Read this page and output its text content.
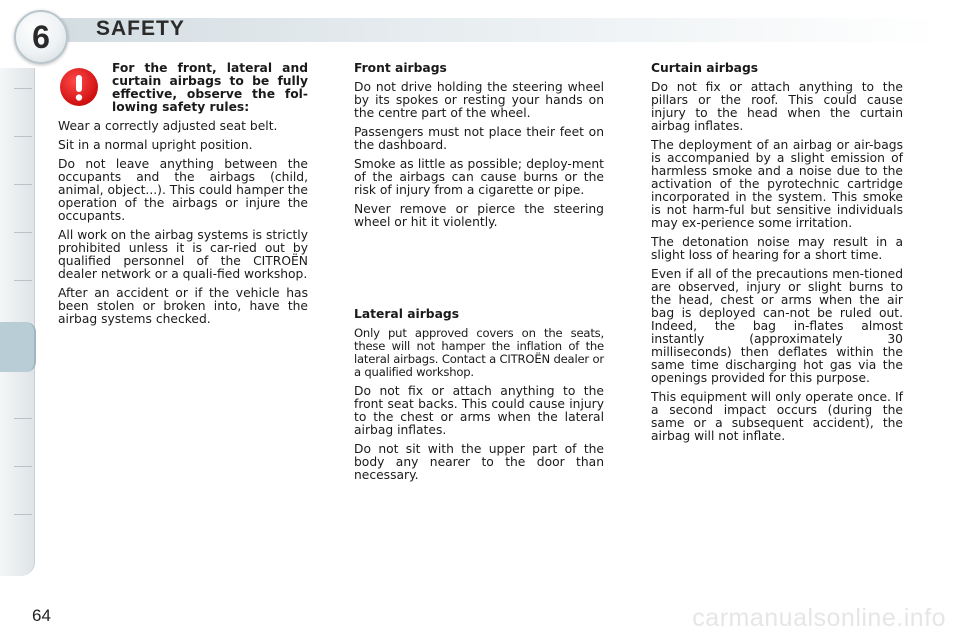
6	SAFETY
For the front, lateral and curtain airbags to be fully effective, observe the fol-lowing safety rules:

Wear a correctly adjusted seat belt.

Sit in a normal upright position.

Do not leave anything between the occupants and the airbags (child, animal, object...). This could hamper the operation of the airbags or injure the occupants.

All work on the airbag systems is strictly prohibited unless it is car-ried out by qualified personnel of the CITROËN dealer network or a quali-fied workshop.

After an accident or if the vehicle has been stolen or broken into, have the airbag systems checked.

Front airbags

Do not drive holding the steering wheel by its spokes or resting your hands on the centre part of the wheel.

Passengers must not place their feet on the dashboard.

Smoke as little as possible; deploy-ment of the airbags can cause burns or the risk of injury from a cigarette or pipe.

Never remove or pierce the steering wheel or hit it violently.

Lateral airbags

Only put approved covers on the seats, these will not hamper the inflation of the lateral airbags. Contact a CITROËN dealer or a qualified workshop.

Do not fix or attach anything to the front seat backs. This could cause injury to the chest or arms when the lateral airbag inflates.

Do not sit with the upper part of the body any nearer to the door than necessary.

Curtain airbags

Do not fix or attach anything to the pillars or the roof. This could cause injury to the head when the curtain airbag inflates.

The deployment of an airbag or air-bags is accompanied by a slight emission of harmless smoke and a noise due to the activation of the pyrotechnic cartridge incorporated in the system. This smoke is not harm-ful but sensitive individuals may ex-perience some irritation.

The detonation noise may result in a slight loss of hearing for a short time.

Even if all of the precautions men-tioned are observed, injury or slight burns to the head, chest or arms when the air bag is deployed can-not be ruled out. Indeed, the bag in-flates almost instantly (approximately 30 milliseconds) then deflates within the same time discharging hot gas via the openings provided for this purpose.

This equipment will only operate once. If a second impact occurs (during the same or a subsequent accident), the airbag will not inflate.

64	carmanualsonline.info
